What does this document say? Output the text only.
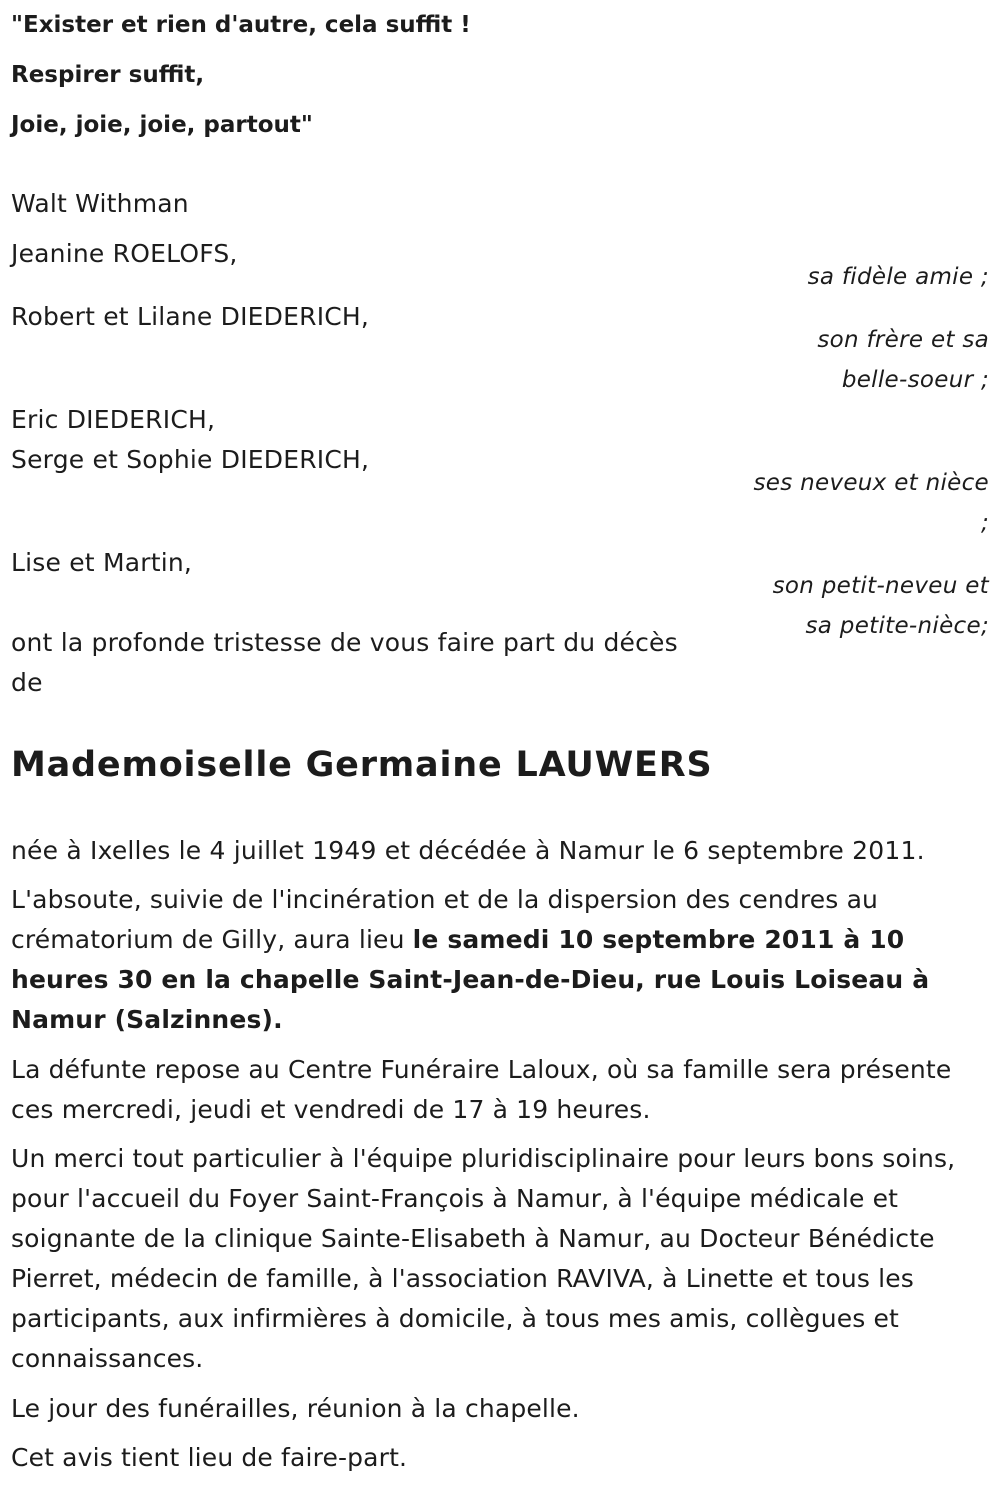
"Exister et rien d'autre, cela suffit !
Respirer suffit,
Joie, joie, joie, partout"
Walt Withman
Jeanine ROELOFS,
sa fidèle amie ;
Robert et Lilane DIEDERICH,
son frère et sa
belle-soeur ;
Eric DIEDERICH,
Serge et Sophie DIEDERICH,
ses neveux et nièce
;
Lise et Martin,
son petit-neveu et
sa petite-nièce;
ont la profonde tristesse de vous faire part du décès
de
Mademoiselle Germaine LAUWERS
née à Ixelles le 4 juillet 1949 et décédée à Namur le 6 septembre 2011.
L'absoute, suivie de l'incinération et de la dispersion des cendres au crématorium de Gilly, aura lieu le samedi 10 septembre 2011 à 10 heures 30 en la chapelle Saint-Jean-de-Dieu, rue Louis Loiseau à Namur (Salzinnes).
La défunte repose au Centre Funéraire Laloux, où sa famille sera présente ces mercredi, jeudi et vendredi de 17 à 19 heures.
Un merci tout particulier à l'équipe pluridisciplinaire pour leurs bons soins, pour l'accueil du Foyer Saint-François à Namur, à l'équipe médicale et soignante de la clinique Sainte-Elisabeth à Namur, au Docteur Bénédicte Pierret, médecin de famille, à l'association RAVIVA, à Linette et tous les participants, aux infirmières à domicile, à tous mes amis, collègues et connaissances.
Le jour des funérailles, réunion à la chapelle.
Cet avis tient lieu de faire-part.
